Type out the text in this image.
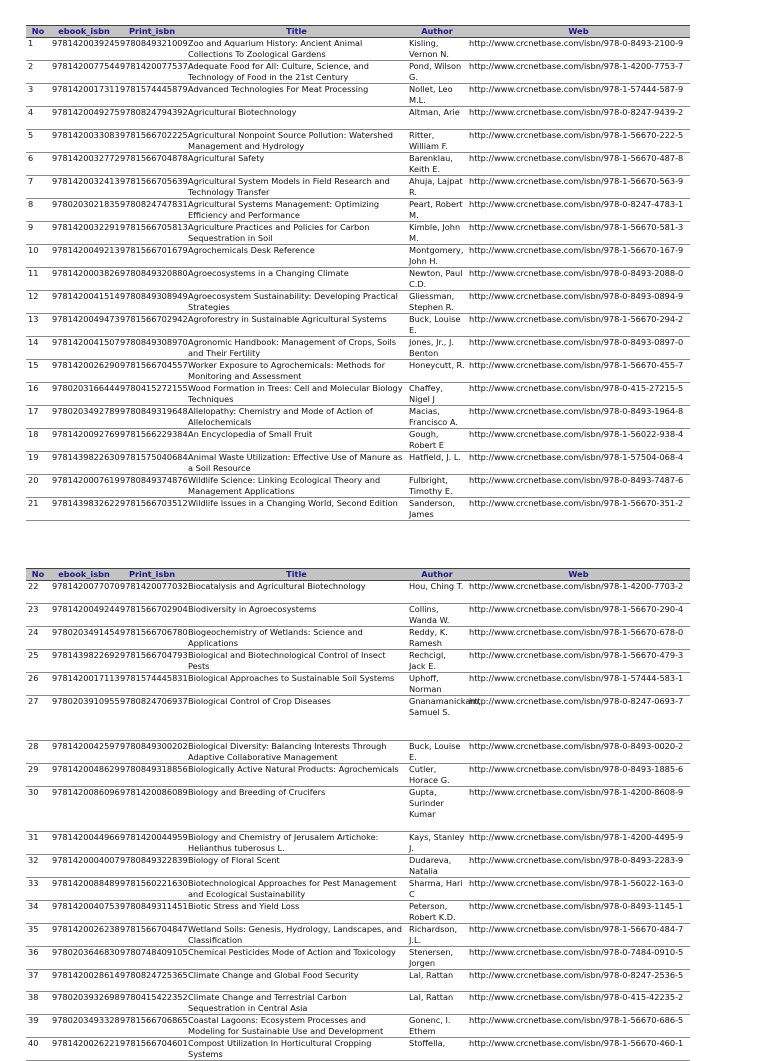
No	ebook_isbn	Print_isbn	Title	Author	Web
1	9781420039245	9780849321009	Zoo and Aquarium History: Ancient Animal Collections To Zoological Gardens	Kisling, Vernon N.	http://www.crcnetbase.com/isbn/978-0-8493-2100-9
2	9781420077544	9781420077537	Adequate Food for All: Culture, Science, and Technology of Food in the 21st Century	Pond, Wilson G.	http://www.crcnetbase.com/isbn/978-1-4200-7753-7
3	9781420017311	9781574445879	Advanced Technologies For Meat Processing	Nollet, Leo M.L.	http://www.crcnetbase.com/isbn/978-1-57444-587-9
4	9781420049275	9780824794392	Agricultural Biotechnology	Altman, Arie	http://www.crcnetbase.com/isbn/978-0-8247-9439-2
5	9781420033083	9781566702225	Agricultural Nonpoint Source Pollution: Watershed Management and Hydrology	Ritter, William F.	http://www.crcnetbase.com/isbn/978-1-56670-222-5
6	9781420032772	9781566704878	Agricultural Safety	Barenklau, Keith E.	http://www.crcnetbase.com/isbn/978-1-56670-487-8
7	9781420032413	9781566705639	Agricultural System Models in Field Research and Technology Transfer	Ahuja, Lajpat R.	http://www.crcnetbase.com/isbn/978-1-56670-563-9
8	9780203021835	9780824747831	Agricultural Systems Management: Optimizing Efficiency and Performance	Peart, Robert M.	http://www.crcnetbase.com/isbn/978-0-8247-4783-1
9	9781420032291	9781566705813	Agriculture Practices and Policies for Carbon Sequestration in Soil	Kimble, John M.	http://www.crcnetbase.com/isbn/978-1-56670-581-3
10	9781420049213	9781566701679	Agrochemicals Desk Reference	Montgomery, John H.	http://www.crcnetbase.com/isbn/978-1-56670-167-9
11	9781420003826	9780849320880	Agroecosystems in a Changing Climate	Newton, Paul C.D.	http://www.crcnetbase.com/isbn/978-0-8493-2088-0
12	9781420041514	9780849308949	Agroecosystem Sustainability: Developing Practical Strategies	Gliessman, Stephen R.	http://www.crcnetbase.com/isbn/978-0-8493-0894-9
13	9781420049473	9781566702942	Agroforestry in Sustainable Agricultural Systems	Buck, Louise E.	http://www.crcnetbase.com/isbn/978-1-56670-294-2
14	9781420041507	9780849308970	Agronomic Handbook: Management of Crops, Soils and Their Fertility	Jones, Jr., J. Benton	http://www.crcnetbase.com/isbn/978-0-8493-0897-0
15	9781420026290	9781566704557	Worker Exposure to Agrochemicals: Methods for Monitoring and Assessment	Honeycutt, R.	http://www.crcnetbase.com/isbn/978-1-56670-455-7
16	9780203166444	9780415272155	Wood Formation in Trees: Cell and Molecular Biology Techniques	Chaffey, Nigel J	http://www.crcnetbase.com/isbn/978-0-415-27215-5
17	9780203492789	9780849319648	Allelopathy: Chemistry and Mode of Action of Allelochemicals	Macias, Francisco A.	http://www.crcnetbase.com/isbn/978-0-8493-1964-8
18	9781420092769	9781566229384	An Encyclopedia of Small Fruit	Gough, Robert E	http://www.crcnetbase.com/isbn/978-1-56022-938-4
19	9781439822630	9781575040684	Animal Waste Utilization: Effective Use of Manure as a Soil Resource	Hatfield, J. L.	http://www.crcnetbase.com/isbn/978-1-57504-068-4
20	9781420007619	9780849374876	Wildlife Science: Linking Ecological Theory and Management Applications	Fulbright, Timothy E.	http://www.crcnetbase.com/isbn/978-0-8493-7487-6
21	9781439832622	9781566703512	Wildlife Issues in a Changing World, Second Edition	Sanderson, James	http://www.crcnetbase.com/isbn/978-1-56670-351-2
No	ebook_isbn	Print_isbn	Title	Author	Web
22	9781420077070	9781420077032	Biocatalysis and Agricultural Biotechnology	Hou, Ching T.	http://www.crcnetbase.com/isbn/978-1-4200-7703-2
23	9781420049244	9781566702904	Biodiversity in Agroecosystems	Collins, Wanda W.	http://www.crcnetbase.com/isbn/978-1-56670-290-4
24	9780203491454	9781566706780	Biogeochemistry of Wetlands: Science and Applications	Reddy, K. Ramesh	http://www.crcnetbase.com/isbn/978-1-56670-678-0
25	9781439822692	9781566704793	Biological and Biotechnological Control of Insect Pests	Rechcigl, Jack E.	http://www.crcnetbase.com/isbn/978-1-56670-479-3
26	9781420017113	9781574445831	Biological Approaches to Sustainable Soil Systems	Uphoff, Norman	http://www.crcnetbase.com/isbn/978-1-57444-583-1
27	9780203910955	9780824706937	Biological Control of Crop Diseases	Gnanamanickam, Samuel S.	http://www.crcnetbase.com/isbn/978-0-8247-0693-7
28	9781420042597	9780849300202	Biological Diversity: Balancing Interests Through Adaptive Collaborative Management	Buck, Louise E.	http://www.crcnetbase.com/isbn/978-0-8493-0020-2
29	9781420048629	9780849318856	Biologically Active Natural Products: Agrochemicals	Cutler, Horace G.	http://www.crcnetbase.com/isbn/978-0-8493-1885-6
30	9781420086096	9781420086089	Biology and Breeding of Crucifers	Gupta, Surinder Kumar	http://www.crcnetbase.com/isbn/978-1-4200-8608-9
31	9781420044966	9781420044959	Biology and Chemistry of Jerusalem Artichoke: Helianthus tuberosus L.	Kays, Stanley J.	http://www.crcnetbase.com/isbn/978-1-4200-4495-9
32	9781420004007	9780849322839	Biology of Floral Scent	Dudareva, Natalia	http://www.crcnetbase.com/isbn/978-0-8493-2283-9
33	9781420088489	9781560221630	Biotechnological Approaches for Pest Management and Ecological Sustainability	Sharma, Hari C	http://www.crcnetbase.com/isbn/978-1-56022-163-0
34	9781420040753	9780849311451	Biotic Stress and Yield Loss	Peterson, Robert K.D.	http://www.crcnetbase.com/isbn/978-0-8493-1145-1
35	9781420026238	9781566704847	Wetland Soils: Genesis, Hydrology, Landscapes, and Classification	Richardson, J.L.	http://www.crcnetbase.com/isbn/978-1-56670-484-7
36	9780203646830	9780748409105	Chemical Pesticides Mode of Action and Toxicology	Stenersen, Jorgen	http://www.crcnetbase.com/isbn/978-0-7484-0910-5
37	9781420028614	9780824725365	Climate Change and Global Food Security	Lal, Rattan	http://www.crcnetbase.com/isbn/978-0-8247-2536-5
38	9780203932698	9780415422352	Climate Change and Terrestrial Carbon Sequestration in Central Asia	Lal, Rattan	http://www.crcnetbase.com/isbn/978-0-415-42235-2
39	9780203493328	9781566706865	Coastal Lagoons: Ecosystem Processes and Modeling for Sustainable Use and Development	Gonenc, I. Ethem	http://www.crcnetbase.com/isbn/978-1-56670-686-5
40	9781420026221	9781566704601	Compost Utilization In Horticultural Cropping Systems	Stoffella,	http://www.crcnetbase.com/isbn/978-1-56670-460-1
